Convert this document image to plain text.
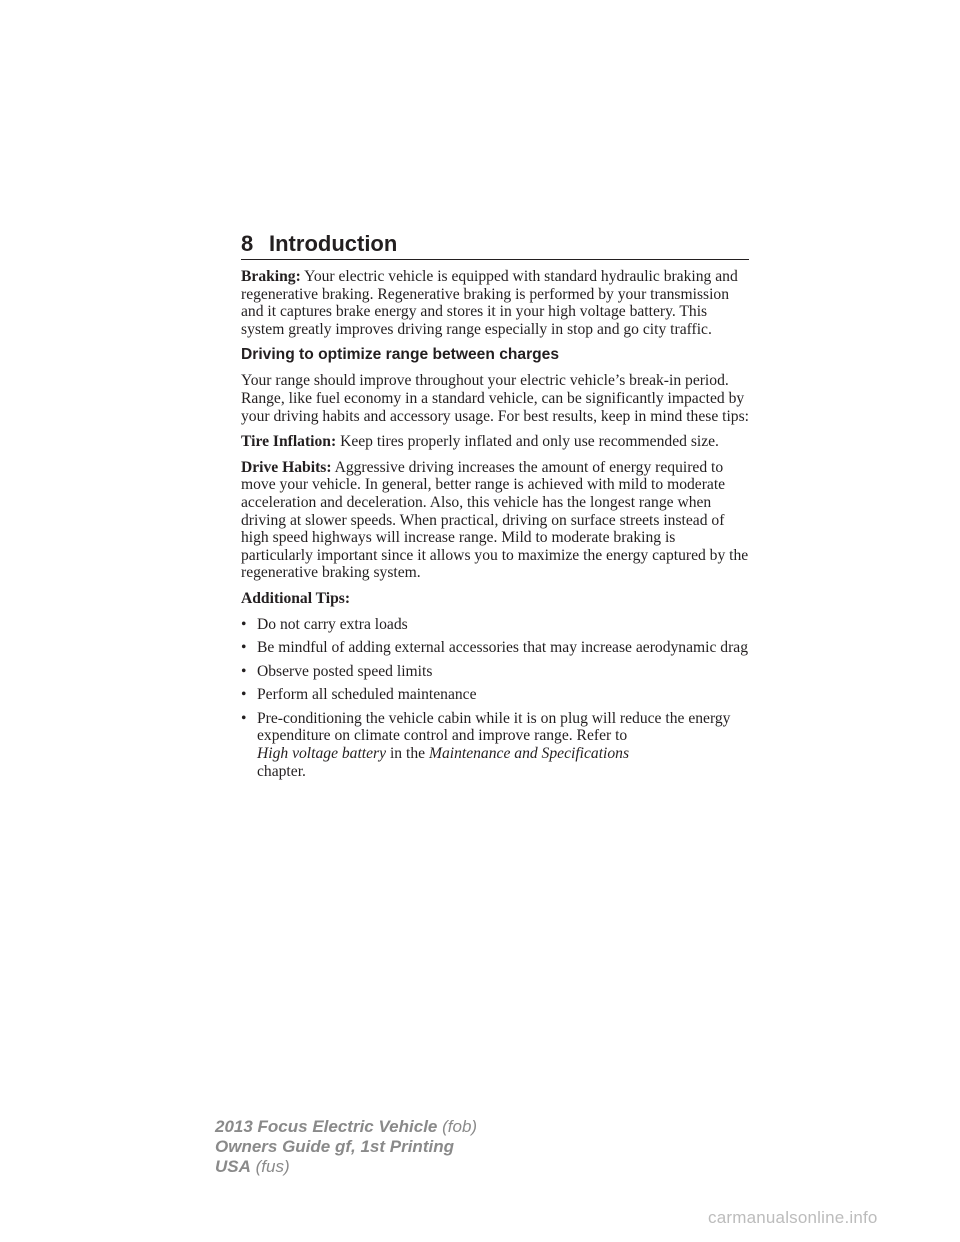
8 Introduction

Braking: Your electric vehicle is equipped with standard hydraulic braking and regenerative braking. Regenerative braking is performed by your transmission and it captures brake energy and stores it in your high voltage battery. This system greatly improves driving range especially in stop and go city traffic.

Driving to optimize range between charges

Your range should improve throughout your electric vehicle’s break-in period. Range, like fuel economy in a standard vehicle, can be significantly impacted by your driving habits and accessory usage. For best results, keep in mind these tips:

Tire Inflation: Keep tires properly inflated and only use recommended size.

Drive Habits: Aggressive driving increases the amount of energy required to move your vehicle. In general, better range is achieved with mild to moderate acceleration and deceleration. Also, this vehicle has the longest range when driving at slower speeds. When practical, driving on surface streets instead of high speed highways will increase range. Mild to moderate braking is particularly important since it allows you to maximize the energy captured by the regenerative braking system.

Additional Tips:

• Do not carry extra loads
• Be mindful of adding external accessories that may increase aerodynamic drag
• Observe posted speed limits
• Perform all scheduled maintenance
• Pre-conditioning the vehicle cabin while it is on plug will reduce the energy expenditure on climate control and improve range. Refer to
High voltage battery in the Maintenance and Specifications
chapter.
2013 Focus Electric Vehicle (fob)
Owners Guide gf, 1st Printing
USA (fus)
carmanualsonline.info
